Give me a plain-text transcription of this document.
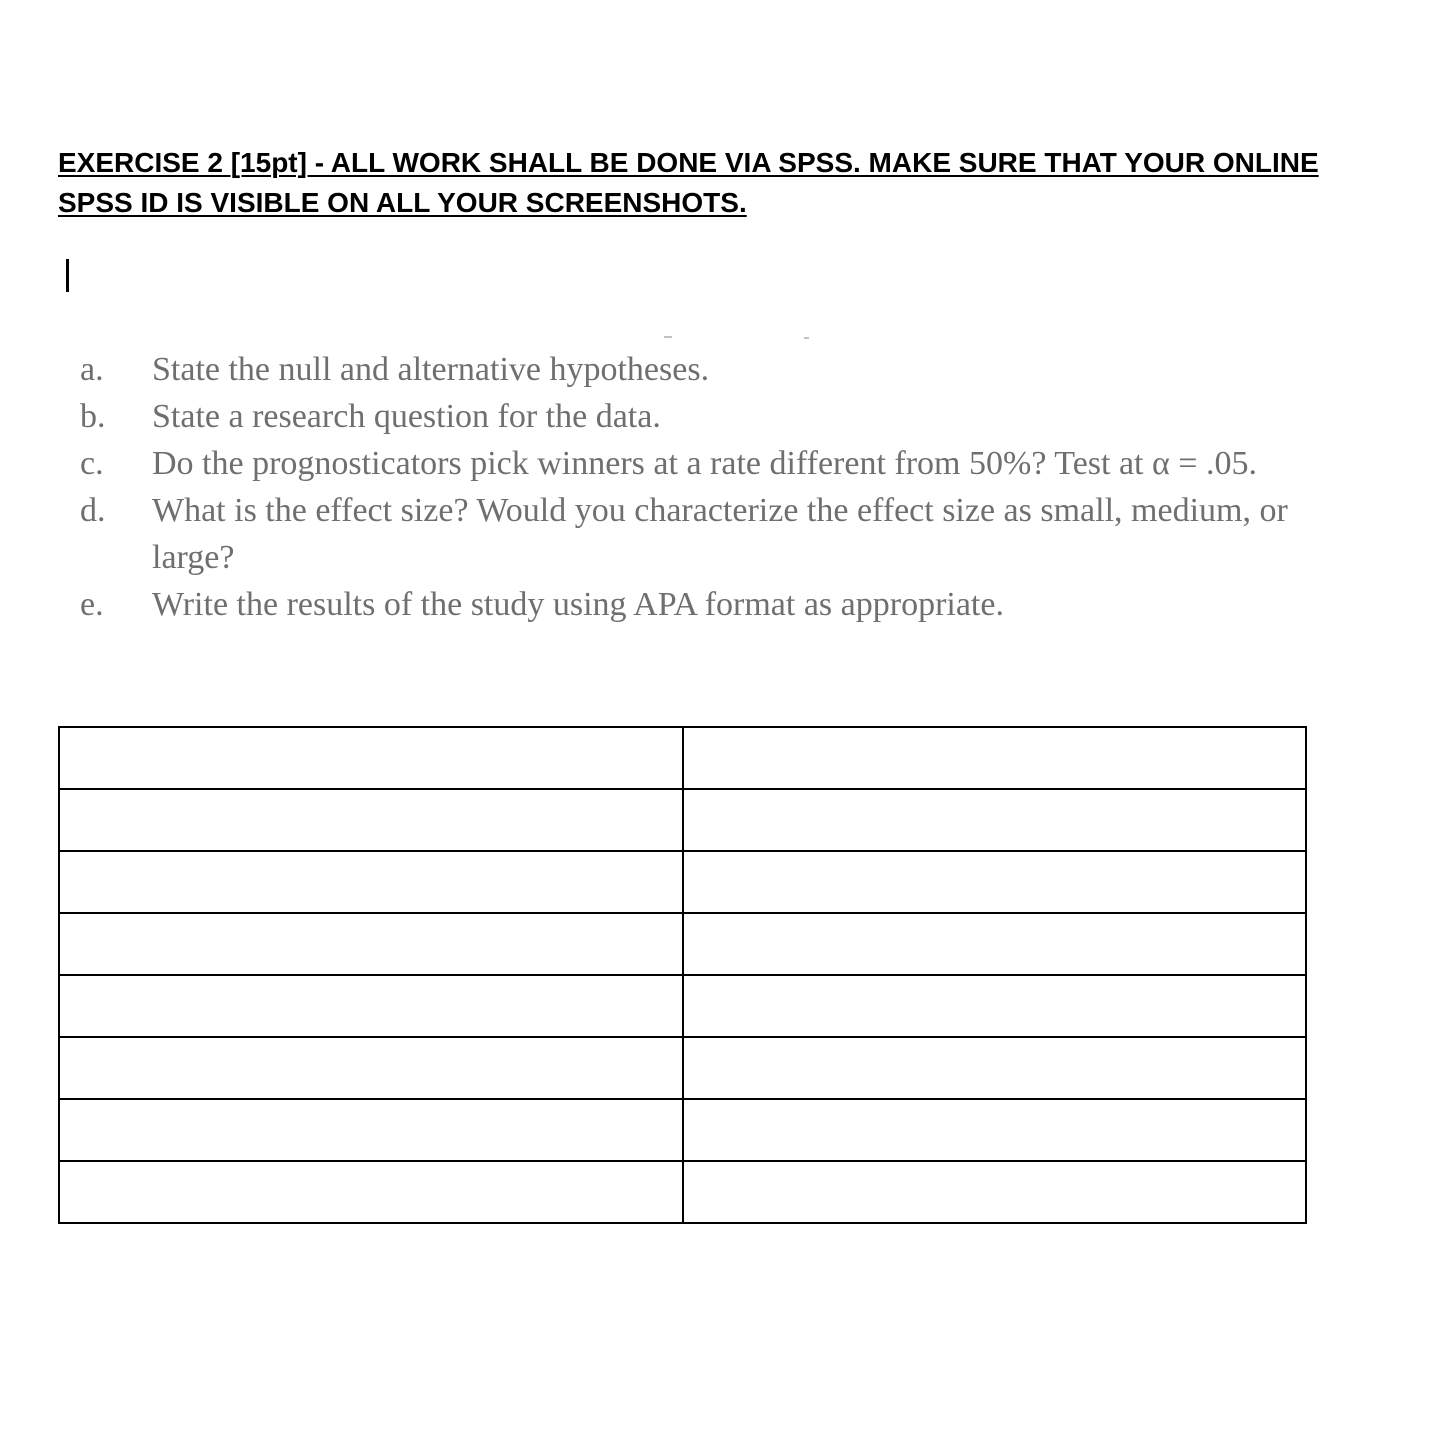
EXERCISE 2 [15pt] - ALL WORK SHALL BE DONE VIA SPSS. MAKE SURE THAT YOUR ONLINE SPSS ID IS VISIBLE ON ALL YOUR SCREENSHOTS.
a. State the null and alternative hypotheses.
b. State a research question for the data.
c. Do the prognosticators pick winners at a rate different from 50%? Test at α = .05.
d. What is the effect size? Would you characterize the effect size as small, medium, or large?
e. Write the results of the study using APA format as appropriate.
